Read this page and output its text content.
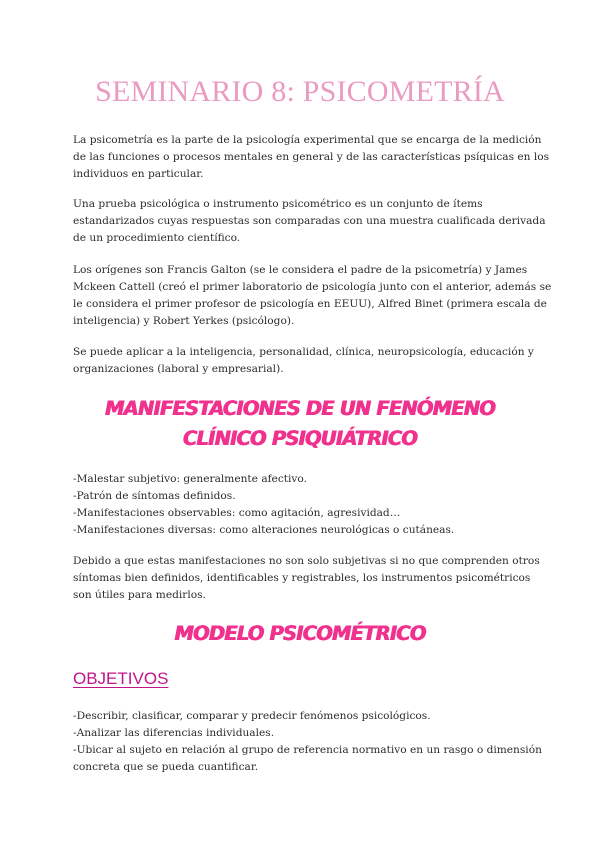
SEMINARIO 8: PSICOMETRÍA

La psicometría es la parte de la psicología experimental que se encarga de la medición
de las funciones o procesos mentales en general y de las características psíquicas en los
individuos en particular.

Una prueba psicológica o instrumento psicométrico es un conjunto de ítems
estandarizados cuyas respuestas son comparadas con una muestra cualificada derivada
de un procedimiento científico.

Los orígenes son Francis Galton (se le considera el padre de la psicometría) y James
Mckeen Cattell (creó el primer laboratorio de psicología junto con el anterior, además se
le considera el primer profesor de psicología en EEUU), Alfred Binet (primera escala de
inteligencia) y Robert Yerkes (psicólogo).

Se puede aplicar a la inteligencia, personalidad, clínica, neuropsicología, educación y
organizaciones (laboral y empresarial).

MANIFESTACIONES DE UN FENÓMENO
CLÍNICO PSIQUIÁTRICO

-Malestar subjetivo: generalmente afectivo.
-Patrón de síntomas definidos.
-Manifestaciones observables: como agitación, agresividad…
-Manifestaciones diversas: como alteraciones neurológicas o cutáneas.

Debido a que estas manifestaciones no son solo subjetivas si no que comprenden otros
síntomas bien definidos, identificables y registrables, los instrumentos psicométricos
son útiles para medirlos.

MODELO PSICOMÉTRICO
OBJETIVOS

-Describir, clasificar, comparar y predecir fenómenos psicológicos.
-Analizar las diferencias individuales.
-Ubicar al sujeto en relación al grupo de referencia normativo en un rasgo o dimensión
concreta que se pueda cuantificar.
